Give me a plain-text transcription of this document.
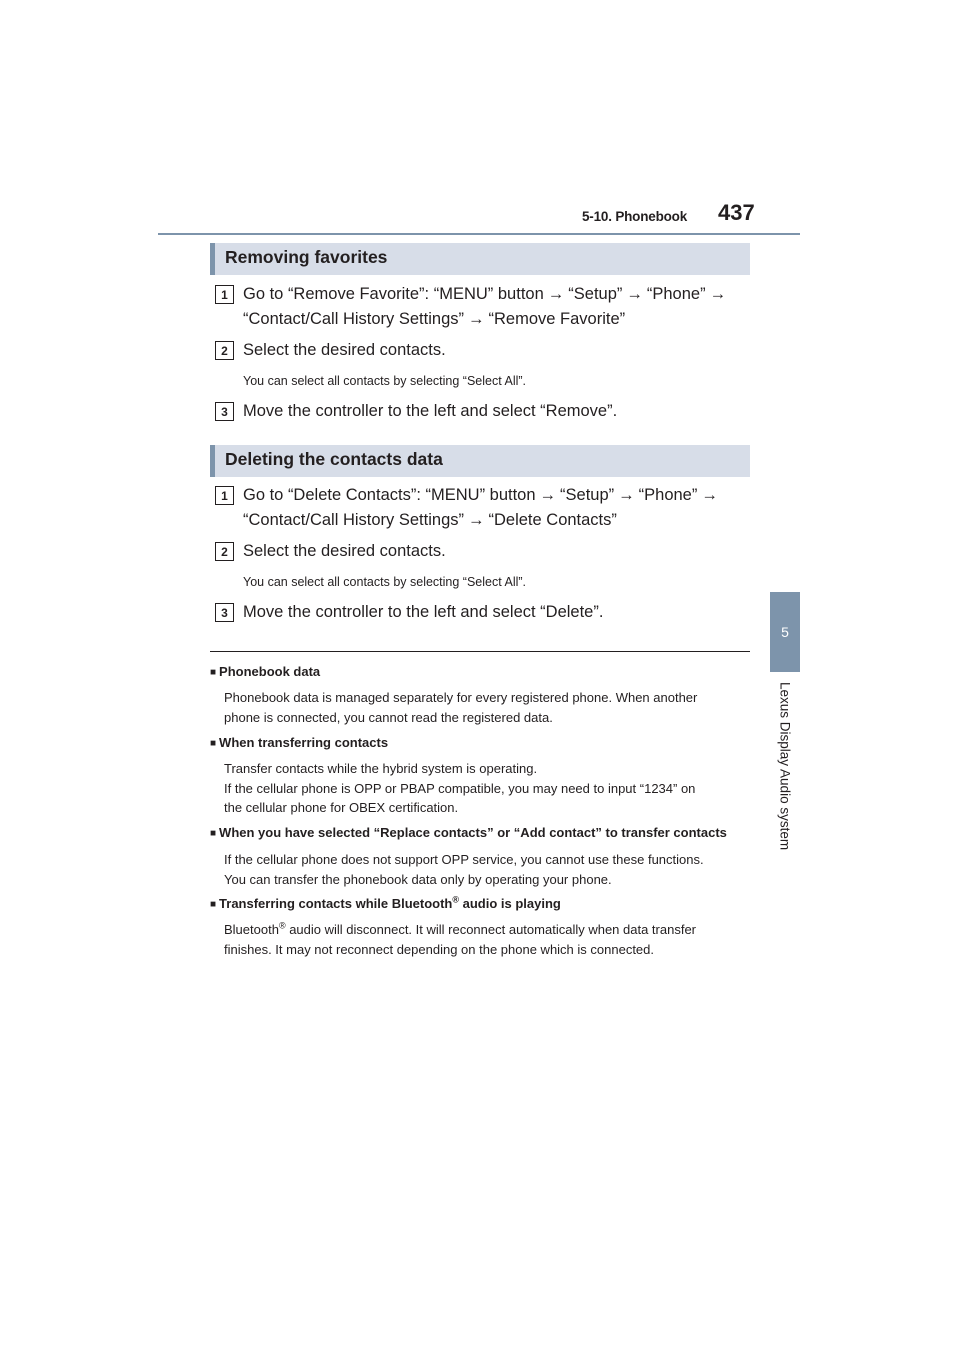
5-10. Phonebook 437
5
Lexus Display Audio system
Removing favorites
1 Go to “Remove Favorite”: “MENU” button → “Setup” → “Phone” →
“Contact/Call History Settings” → “Remove Favorite”
2 Select the desired contacts.
You can select all contacts by selecting “Select All”.
3 Move the controller to the left and select “Remove”.
Deleting the contacts data
1 Go to “Delete Contacts”: “MENU” button → “Setup” → “Phone” →
“Contact/Call History Settings” → “Delete Contacts”
2 Select the desired contacts.
You can select all contacts by selecting “Select All”.
3 Move the controller to the left and select “Delete”.
■ Phonebook data
Phonebook data is managed separately for every registered phone. When another
phone is connected, you cannot read the registered data.
■ When transferring contacts
Transfer contacts while the hybrid system is operating.
If the cellular phone is OPP or PBAP compatible, you may need to input “1234” on
the cellular phone for OBEX certification.
■ When you have selected “Replace contacts” or “Add contact” to transfer contacts
If the cellular phone does not support OPP service, you cannot use these functions.
You can transfer the phonebook data only by operating your phone.
■ Transferring contacts while Bluetooth® audio is playing
Bluetooth® audio will disconnect. It will reconnect automatically when data transfer
finishes. It may not reconnect depending on the phone which is connected.
